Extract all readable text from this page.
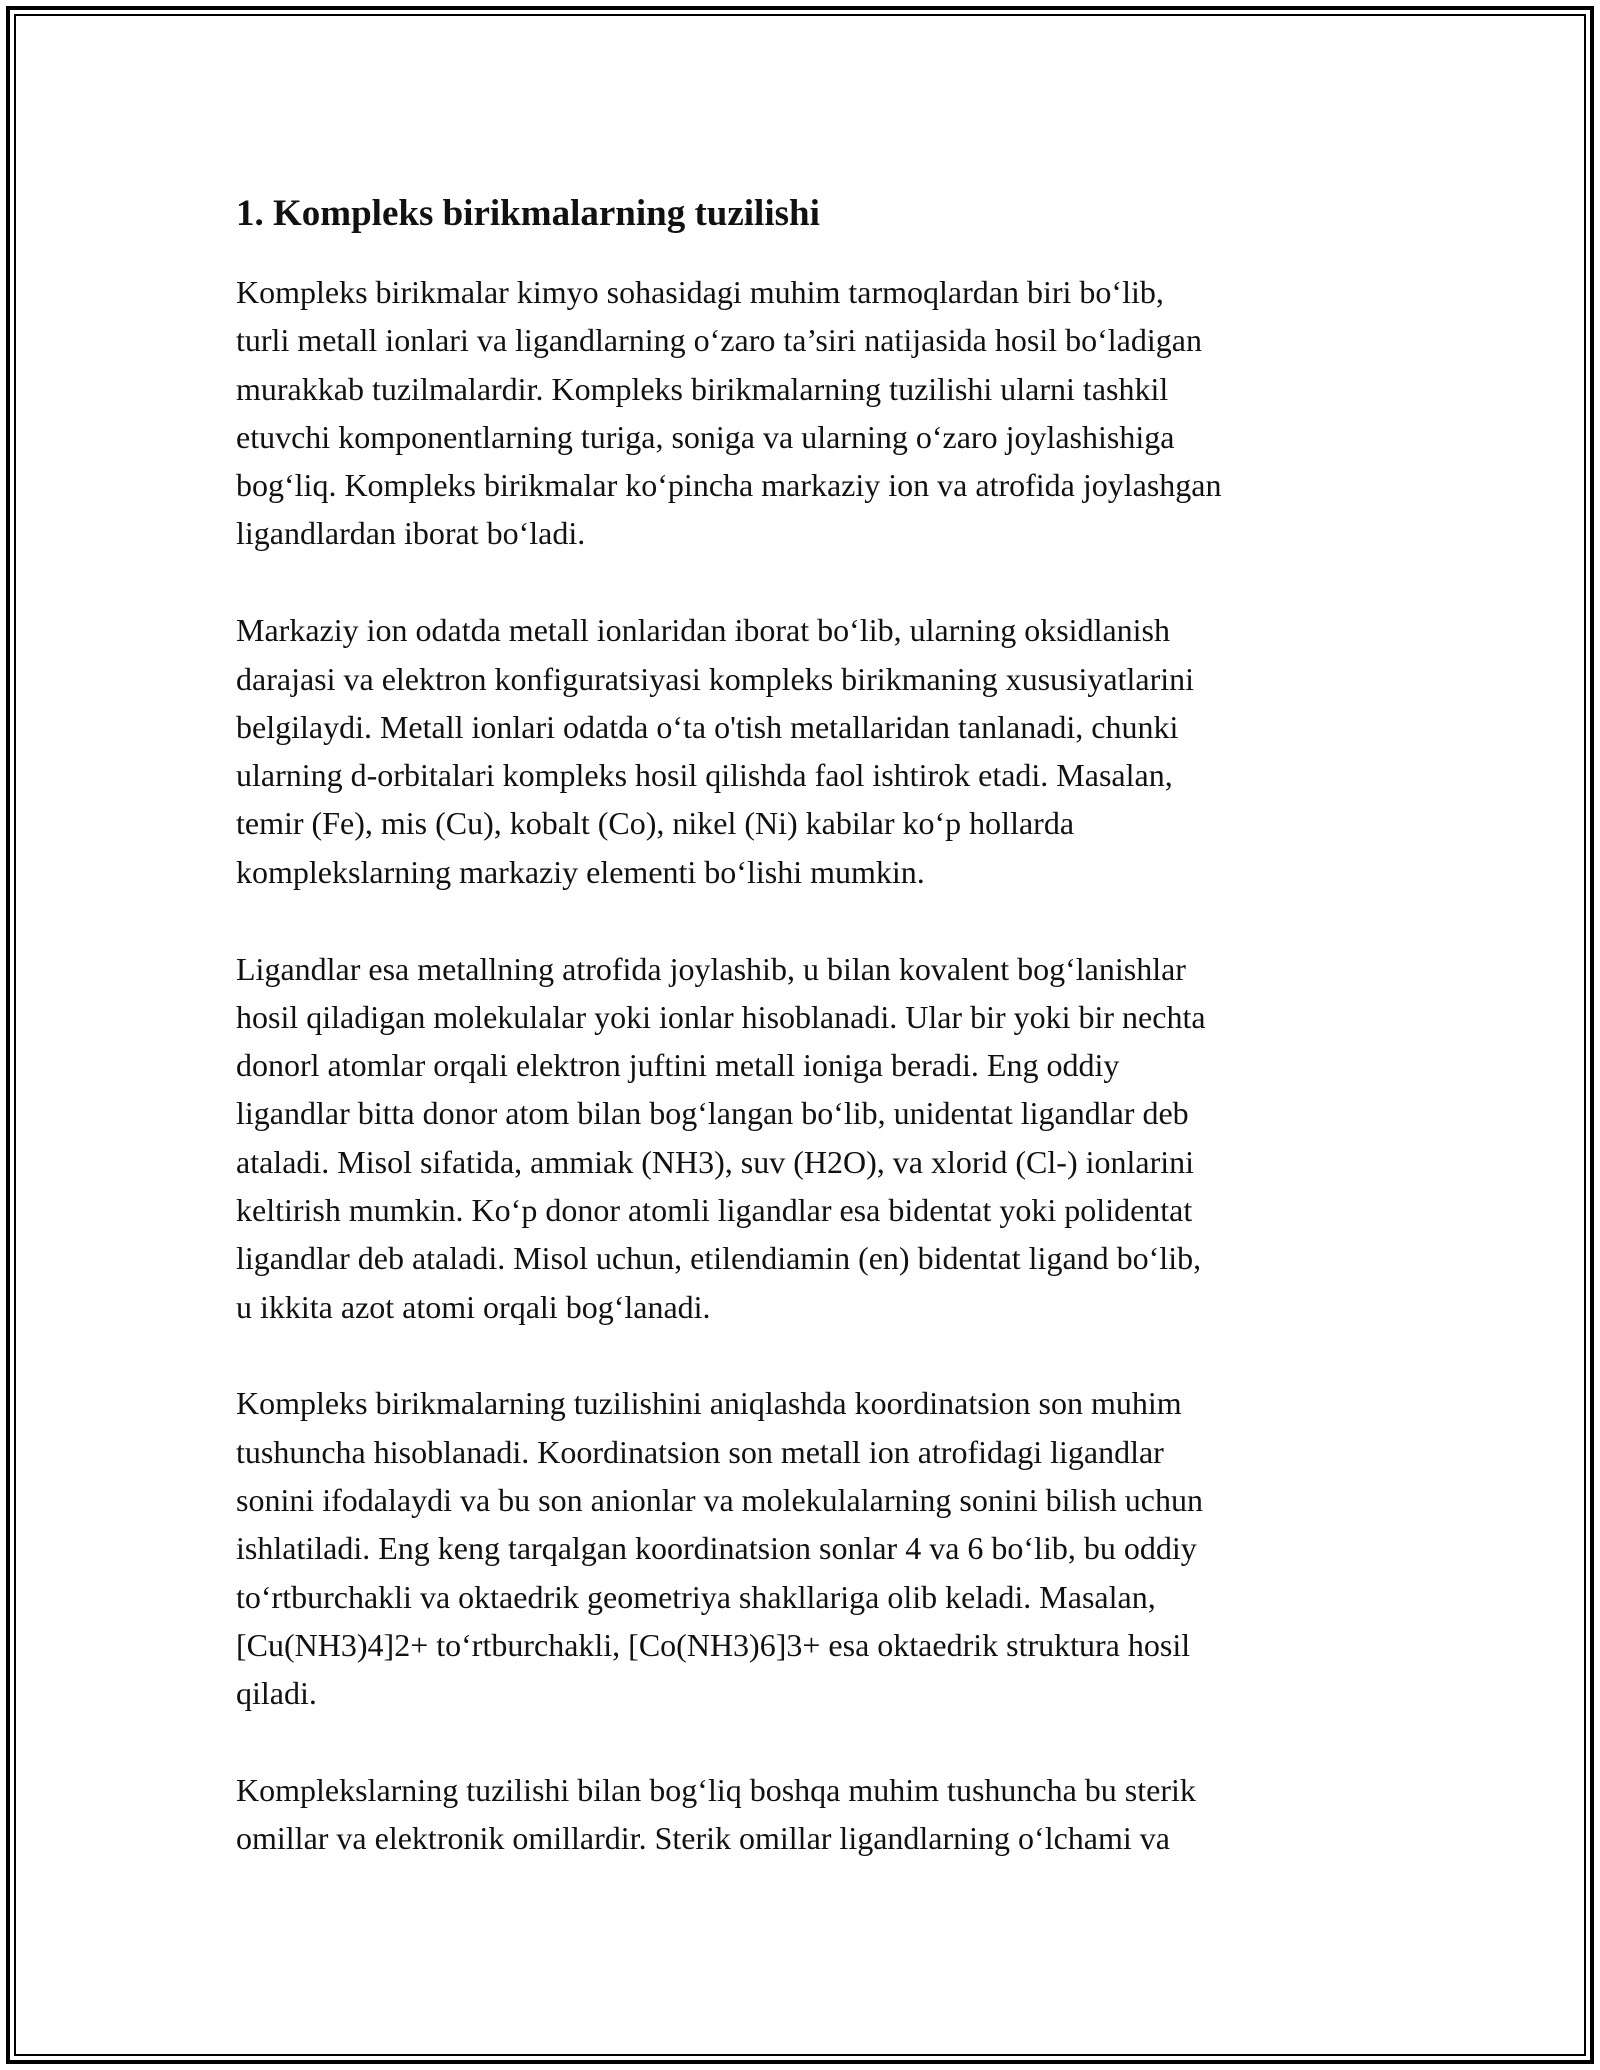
1. Kompleks birikmalarning tuzilishi

Kompleks birikmalar kimyo sohasidagi muhim tarmoqlardan biri bo‘lib,
turli metall ionlari va ligandlarning o‘zaro ta’siri natijasida hosil bo‘ladigan
murakkab tuzilmalardir. Kompleks birikmalarning tuzilishi ularni tashkil
etuvchi komponentlarning turiga, soniga va ularning o‘zaro joylashishiga
bog‘liq. Kompleks birikmalar ko‘pincha markaziy ion va atrofida joylashgan
ligandlardan iborat bo‘ladi.

Markaziy ion odatda metall ionlaridan iborat bo‘lib, ularning oksidlanish
darajasi va elektron konfiguratsiyasi kompleks birikmaning xususiyatlarini
belgilaydi. Metall ionlari odatda o‘ta o'tish metallaridan tanlanadi, chunki
ularning d-orbitalari kompleks hosil qilishda faol ishtirok etadi. Masalan,
temir (Fe), mis (Cu), kobalt (Co), nikel (Ni) kabilar ko‘p hollarda
komplekslarning markaziy elementi bo‘lishi mumkin.

Ligandlar esa metallning atrofida joylashib, u bilan kovalent bog‘lanishlar
hosil qiladigan molekulalar yoki ionlar hisoblanadi. Ular bir yoki bir nechta
donorl atomlar orqali elektron juftini metall ioniga beradi. Eng oddiy
ligandlar bitta donor atom bilan bog‘langan bo‘lib, unidentat ligandlar deb
ataladi. Misol sifatida, ammiak (NH3), suv (H2O), va xlorid (Cl-) ionlarini
keltirish mumkin. Ko‘p donor atomli ligandlar esa bidentat yoki polidentat
ligandlar deb ataladi. Misol uchun, etilendiamin (en) bidentat ligand bo‘lib,
u ikkita azot atomi orqali bog‘lanadi.

Kompleks birikmalarning tuzilishini aniqlashda koordinatsion son muhim
tushuncha hisoblanadi. Koordinatsion son metall ion atrofidagi ligandlar
sonini ifodalaydi va bu son anionlar va molekulalarning sonini bilish uchun
ishlatiladi. Eng keng tarqalgan koordinatsion sonlar 4 va 6 bo‘lib, bu oddiy
to‘rtburchakli va oktaedrik geometriya shakllariga olib keladi. Masalan,
[Cu(NH3)4]2+ to‘rtburchakli, [Co(NH3)6]3+ esa oktaedrik struktura hosil
qiladi.

Komplekslarning tuzilishi bilan bog‘liq boshqa muhim tushuncha bu sterik
omillar va elektronik omillardir. Sterik omillar ligandlarning o‘lchami va
